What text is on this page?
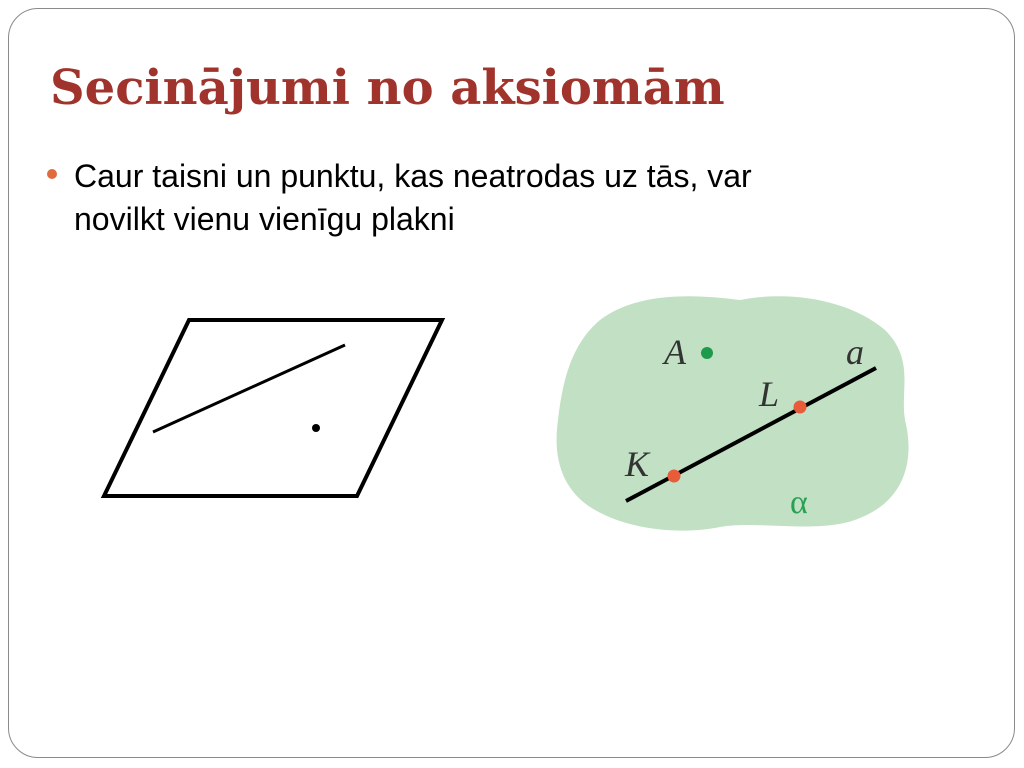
Secinājumi no aksiomām

Caur taisni un punktu, kas neatrodas uz tās, var
novilkt vienu vienīgu plakni

A	a
L
K
α
